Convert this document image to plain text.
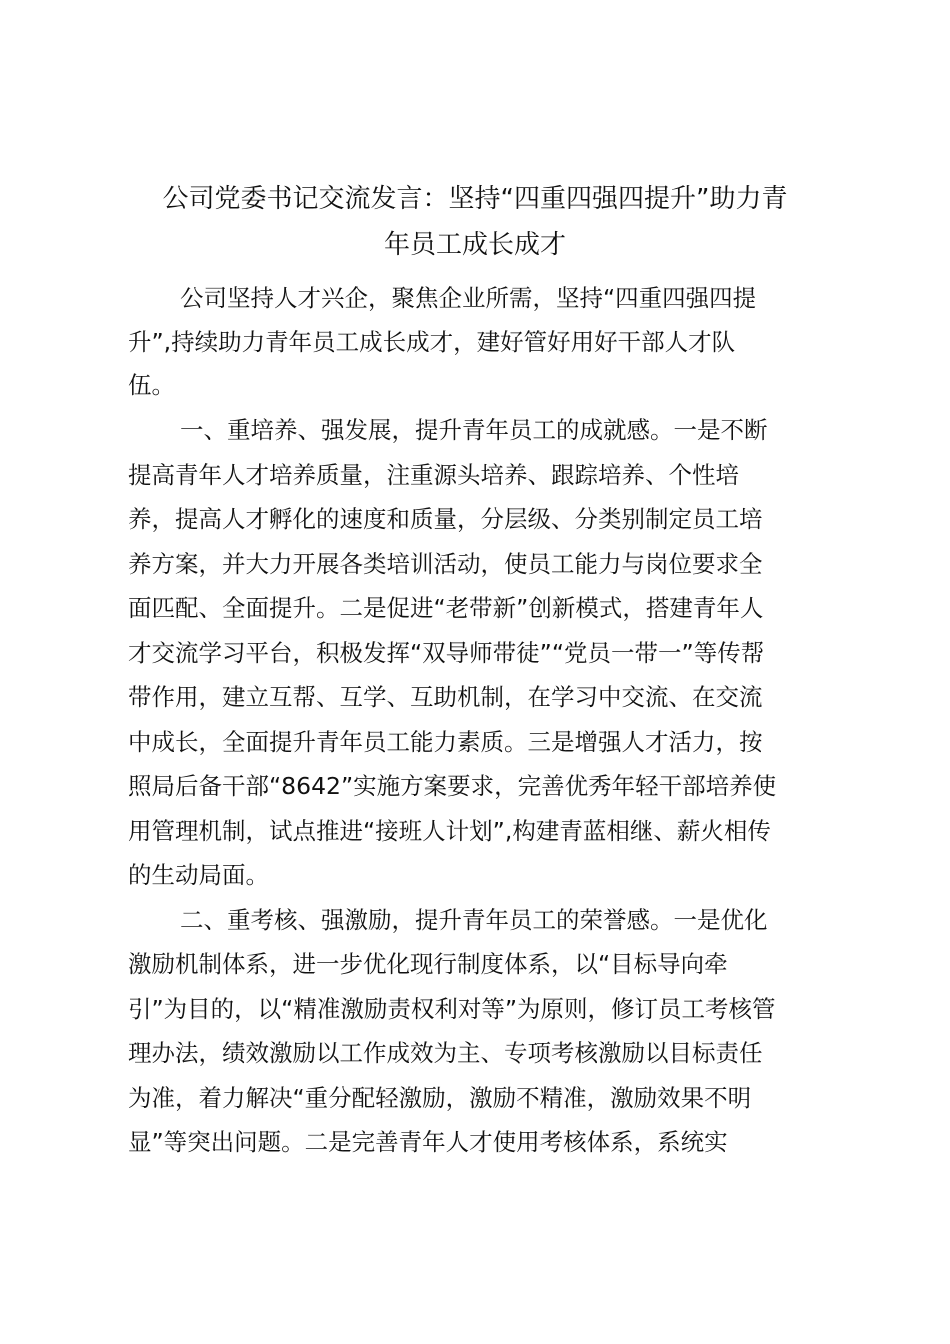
公司党委书记交流发言：坚持“四重四强四提升”助力青
年员工成长成才

公司坚持人才兴企，聚焦企业所需，坚持“四重四强四提

升”,持续助力青年员工成长成才，建好管好用好干部人才队

伍。

一、重培养、强发展，提升青年员工的成就感。一是不断

提高青年人才培养质量，注重源头培养、跟踪培养、个性培

养，提高人才孵化的速度和质量，分层级、分类别制定员工培

养方案，并大力开展各类培训活动，使员工能力与岗位要求全

面匹配、全面提升。二是促进“老带新”创新模式，搭建青年人

才交流学习平台，积极发挥“双导师带徒”“党员一带一”等传帮

带作用，建立互帮、互学、互助机制，在学习中交流、在交流

中成长，全面提升青年员工能力素质。三是增强人才活力，按

照局后备干部“8642”实施方案要求，完善优秀年轻干部培养使

用管理机制，试点推进“接班人计划”,构建青蓝相继、薪火相传

的生动局面。

二、重考核、强激励，提升青年员工的荣誉感。一是优化

激励机制体系，进一步优化现行制度体系，以“目标导向牵

引”为目的，以“精准激励责权利对等”为原则，修订员工考核管

理办法，绩效激励以工作成效为主、专项考核激励以目标责任

为准，着力解决“重分配轻激励，激励不精准，激励效果不明

显”等突出问题。二是完善青年人才使用考核体系，系统实
